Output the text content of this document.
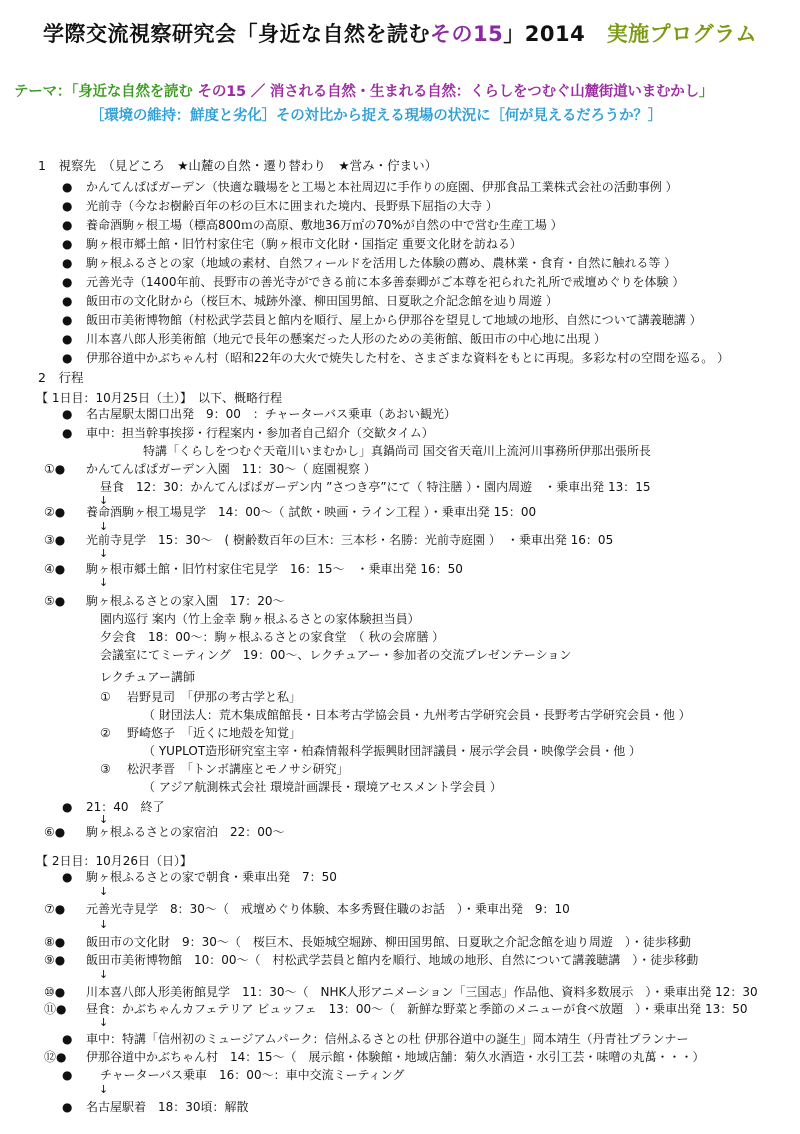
学際交流視察研究会「身近な自然を読むその15」2014　 実施プログラム
テーマ：「身近な自然を読む その15 ／ 消される自然・生まれる自然：くらしをつむぐ山麓街道いまむかし」
［環境の維持：鮮度と劣化］その対比から捉える現場の状況に［何が見えるだろうか？］
1　視察先　（見どころ　★山麓の自然・遷り替わり　★営み・佇まい）
● かんてんぱぱガーデン（快適な職場をと工場と本社周辺に手作りの庭園、伊那食品工業株式会社の活動事例 ）
● 光前寺（今なお樹齢百年の杉の巨木に囲まれた境内、長野県下屈指の大寺 ）
● 養命酒駒ヶ根工場（標高800ｍの高原、敷地36万㎡の70%が自然の中で営む生産工場 ）
● 駒ヶ根市郷土館・旧竹村家住宅（駒ヶ根市文化財・国指定 重要文化財を訪ねる）
● 駒ヶ根ふるさとの家（地域の素材、自然フィールドを活用した体験の薦め、農林業・食育・自然に触れる等 ）
● 元善光寺（1400年前、長野市の善光寺ができる前に本多善泰卿がご本尊を祀られた礼所で戒壇めぐりを体験 ）
● 飯田市の文化財から（桜巨木、城跡外濠、柳田国男館、日夏耿之介記念館を辿り周遊 ）
● 飯田市美術博物館（村松武学芸員と館内を順行、屋上から伊那谷を望見して地域の地形、自然について講義聴講 ）
● 川本喜八郎人形美術館（地元で長年の懸案だった人形のための美術館、飯田市の中心地に出現 ）
● 伊那谷道中かぶちゃん村（昭和22年の大火で焼失した村を、さまざまな資料をもとに再現。多彩な村の空間を巡る。 ）
2　行程
【 1日目：10月25日（土）】　以下、概略行程
● 名古屋駅太閤口出発　9：00　：チャーターバス乗車（あおい観光）
● 車中：担当幹事挨拶・行程案内・参加者自己紹介（交歓タイム）
特講「くらしをつむぐ天竜川いまむかし」真鍋尚司 国交省天竜川上流河川事務所伊那出張所長
①● かんてんぱぱガーデン入園　11：30～（ 庭園視察 ）
昼食　12：30：かんてんぱぱガーデン内 ”さつき亭”にて（ 特注膳 ）・園内周遊　・乗車出発 13：15
↓
②● 養命酒駒ヶ根工場見学　14：00～（ 試飲・映画・ライン工程 ）・乗車出発 15：00
↓
③● 光前寺見学　15：30～　( 樹齢数百年の巨木：三本杉・名勝：光前寺庭園 ）　・乗車出発 16：05
↓
④● 駒ヶ根市郷土館・旧竹村家住宅見学　16：15～　・乗車出発 16：50
↓
⑤● 駒ヶ根ふるさとの家入園　17：20～
園内巡行 案内（竹上金幸 駒ヶ根ふるさとの家体験担当員）
夕会食　18：00～：駒ヶ根ふるさとの家食堂　（ 秋の会席膳 ）
会議室にてミーティング　19：00～、レクチュアー・参加者の交流プレゼンテーション
レクチュアー講師
① 岩野見司　「伊那の考古学と私」
（ 財団法人：荒木集成館館長・日本考古学協会員・九州考古学研究会員・長野考古学研究会員・他 ）
② 野崎悠子　「近くに地殻を知覚」
（ YUPLOT造形研究室主宰・柏森情報科学振興財団評議員・展示学会員・映像学会員・他 ）
③ 松沢孝晋　「トンボ講座とモノサシ研究」
（ アジア航測株式会社 環境計画課長・環境アセスメント学会員 ）
● 21：40　終了
↓
⑥● 駒ヶ根ふるさとの家宿泊　22：00～
【 2日目：10月26日（日）】
● 駒ヶ根ふるさとの家で朝食・乗車出発　7：50
↓
⑦● 元善光寺見学　8：30～（　戒壇めぐり体験、本多秀賢住職のお話　）・乗車出発　9：10
↓
⑧● 飯田市の文化財　9：30～（　桜巨木、長姫城空堀跡、柳田国男館、日夏耿之介記念館を辿り周遊　）・徒歩移動
⑨● 飯田市美術博物館　10：00～（　村松武学芸員と館内を順行、地域の地形、自然について講義聴講　）・徒歩移動
↓
⑩● 川本喜八郎人形美術館見学　11：30～（　NHK人形アニメーション「三国志」作品他、資料多数展示　）・乗車出発 12：30
⑪● 昼食：かぶちゃんカフェテリア ビュッフェ　13：00～（　新鮮な野菜と季節のメニューが食べ放題　）・乗車出発 13：50
↓
● 車中：特講「信州初のミュージアムパーク：信州ふるさとの杜 伊那谷道中の誕生」岡本靖生（丹青社プランナー
⑫● 伊那谷道中かぶちゃん村　14：15～（　展示館・体験館・地域店舗：菊久水酒造・水引工芸・味噌の丸萬・・・）
● チャーターバス乗車　16：00～：車中交流ミーティング
↓
● 名古屋駅着　18：30頃：解散
